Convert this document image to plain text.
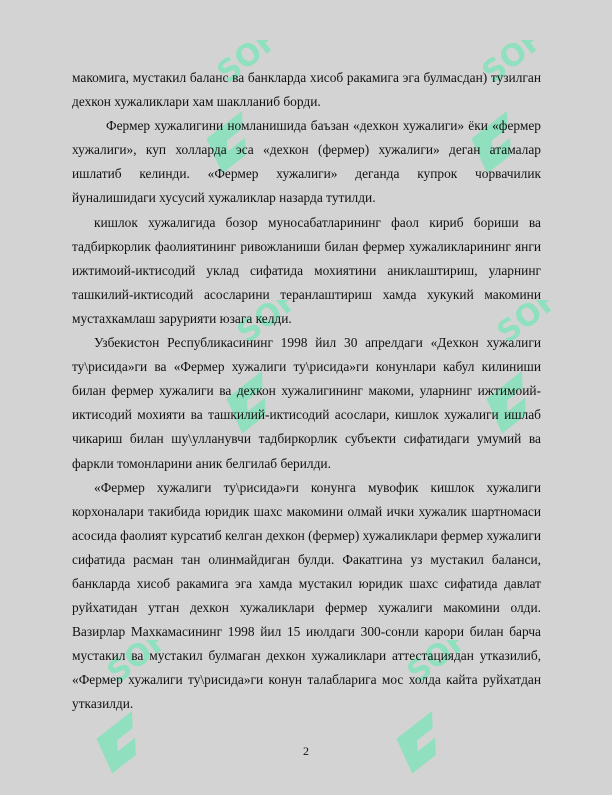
SOF	SOF
SOF	SOF
SOF	SOF

макомига, мустакил баланс ва банкларда хисоб ракамига эга булмасдан) тузилган дехкон хужаликлари хам шаклланиб борди.

Фермер хужалигини номланишида баъзан «дехкон хужалиги» ёки «фермер хужалиги», куп холларда эса «дехкон (фермер) хужалиги» деган атамалар ишлатиб келинди. «Фермер хужалиги» деганда купрок чорвачилик йуналишидаги хусусий хужаликлар назарда тутилди.

кишлок хужалигида бозор муносабатларининг фаол кириб бориши ва тадбиркорлик фаолиятининг ривожланиши билан фермер хужаликларининг янги ижтимоий-иктисодий уклад сифатида мохиятини аниклаштириш, уларнинг ташкилий-иктисодий асосларини теранлаштириш хамда хукукий макомини мустахкамлаш зарурияти юзага келди.

Узбекистон Республикасининг 1998 йил 30 апрелдаги «Дехкон хужалиги ту\рисида»ги ва «Фермер хужалиги ту\рисида»ги конунлари кабул килиниши билан фермер хужалиги ва дехкон хужалигининг макоми, уларнинг ижтимоий-иктисодий мохияти ва ташкилий-иктисодий асослари, кишлок хужалиги ишлаб чикариш билан шу\улланувчи тадбиркорлик субъекти сифатидаги умумий ва фаркли томонларини аник белгилаб берилди.

«Фермер хужалиги ту\рисида»ги конунга мувофик кишлок хужалиги корхоналари такибида юридик шахс макомини олмай ички хужалик шартномаси асосида фаолият курсатиб келган дехкон (фермер) хужаликлари фермер хужалиги сифатида расман тан олинмайдиган булди. Факатгина уз мустакил баланси, банкларда хисоб ракамига эга хамда мустакил юридик шахс сифатида давлат руйхатидан утган дехкон хужаликлари фермер хужалиги макомини олди. Вазирлар Махкамасининг 1998 йил 15 июлдаги 300-сонли карори билан барча мустакил ва мустакил булмаган дехкон хужаликлари аттестациядан утказилиб, «Фермер хужалиги ту\рисида»ги конун талабларига мос холда кайта руйхатдан утказилди.

2
